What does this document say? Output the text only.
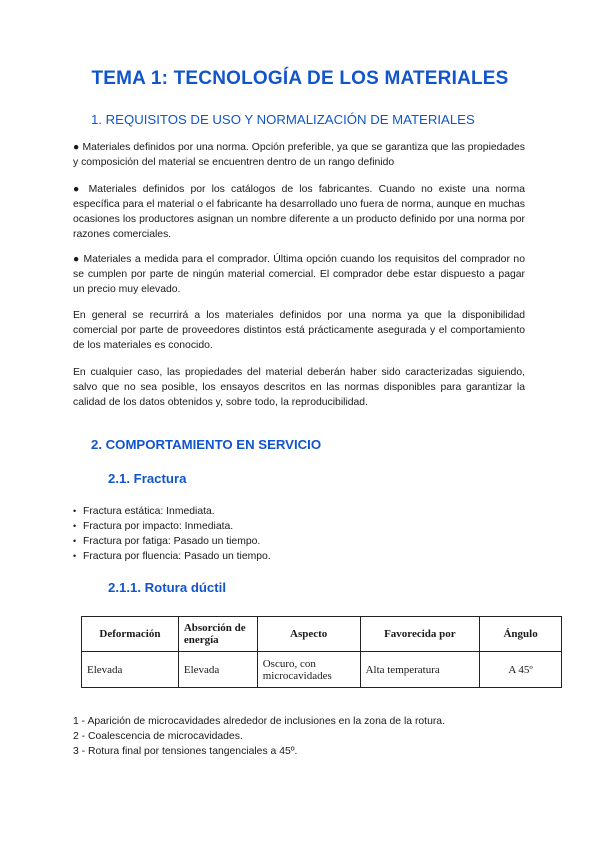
TEMA 1: TECNOLOGÍA DE LOS MATERIALES
1. REQUISITOS DE USO Y NORMALIZACIÓN DE MATERIALES
● Materiales definidos por una norma. Opción preferible, ya que se garantiza que las propiedades y composición del material se encuentren dentro de un rango definido
● Materiales definidos por los catálogos de los fabricantes. Cuando no existe una norma específica para el material o el fabricante ha desarrollado uno fuera de norma, aunque en muchas ocasiones los productores asignan un nombre diferente a un producto definido por una norma por razones comerciales.
● Materiales a medida para el comprador. Última opción cuando los requisitos del comprador no se cumplen por parte de ningún material comercial. El comprador debe estar dispuesto a pagar un precio muy elevado.
En general se recurrirá a los materiales definidos por una norma ya que la disponibilidad comercial por parte de proveedores distintos está prácticamente asegurada y el comportamiento de los materiales es conocido.
En cualquier caso, las propiedades del material deberán haber sido caracterizadas siguiendo, salvo que no sea posible, los ensayos descritos en las normas disponibles para garantizar la calidad de los datos obtenidos y, sobre todo, la reproducibilidad.
2. COMPORTAMIENTO EN SERVICIO
2.1. Fractura
• Fractura estática: Inmediata.
• Fractura por impacto: Inmediata.
• Fractura por fatiga: Pasado un tiempo.
• Fractura por fluencia: Pasado un tiempo.
2.1.1. Rotura dúctil
Deformación	Absorción de energía	Aspecto	Favorecida por	Ángulo
Elevada	Elevada	Oscuro, con microcavidades	Alta temperatura	A 45º
1 - Aparición de microcavidades alrededor de inclusiones en la zona de la rotura.
2 - Coalescencia de microcavidades.
3 - Rotura final por tensiones tangenciales a 45º.
